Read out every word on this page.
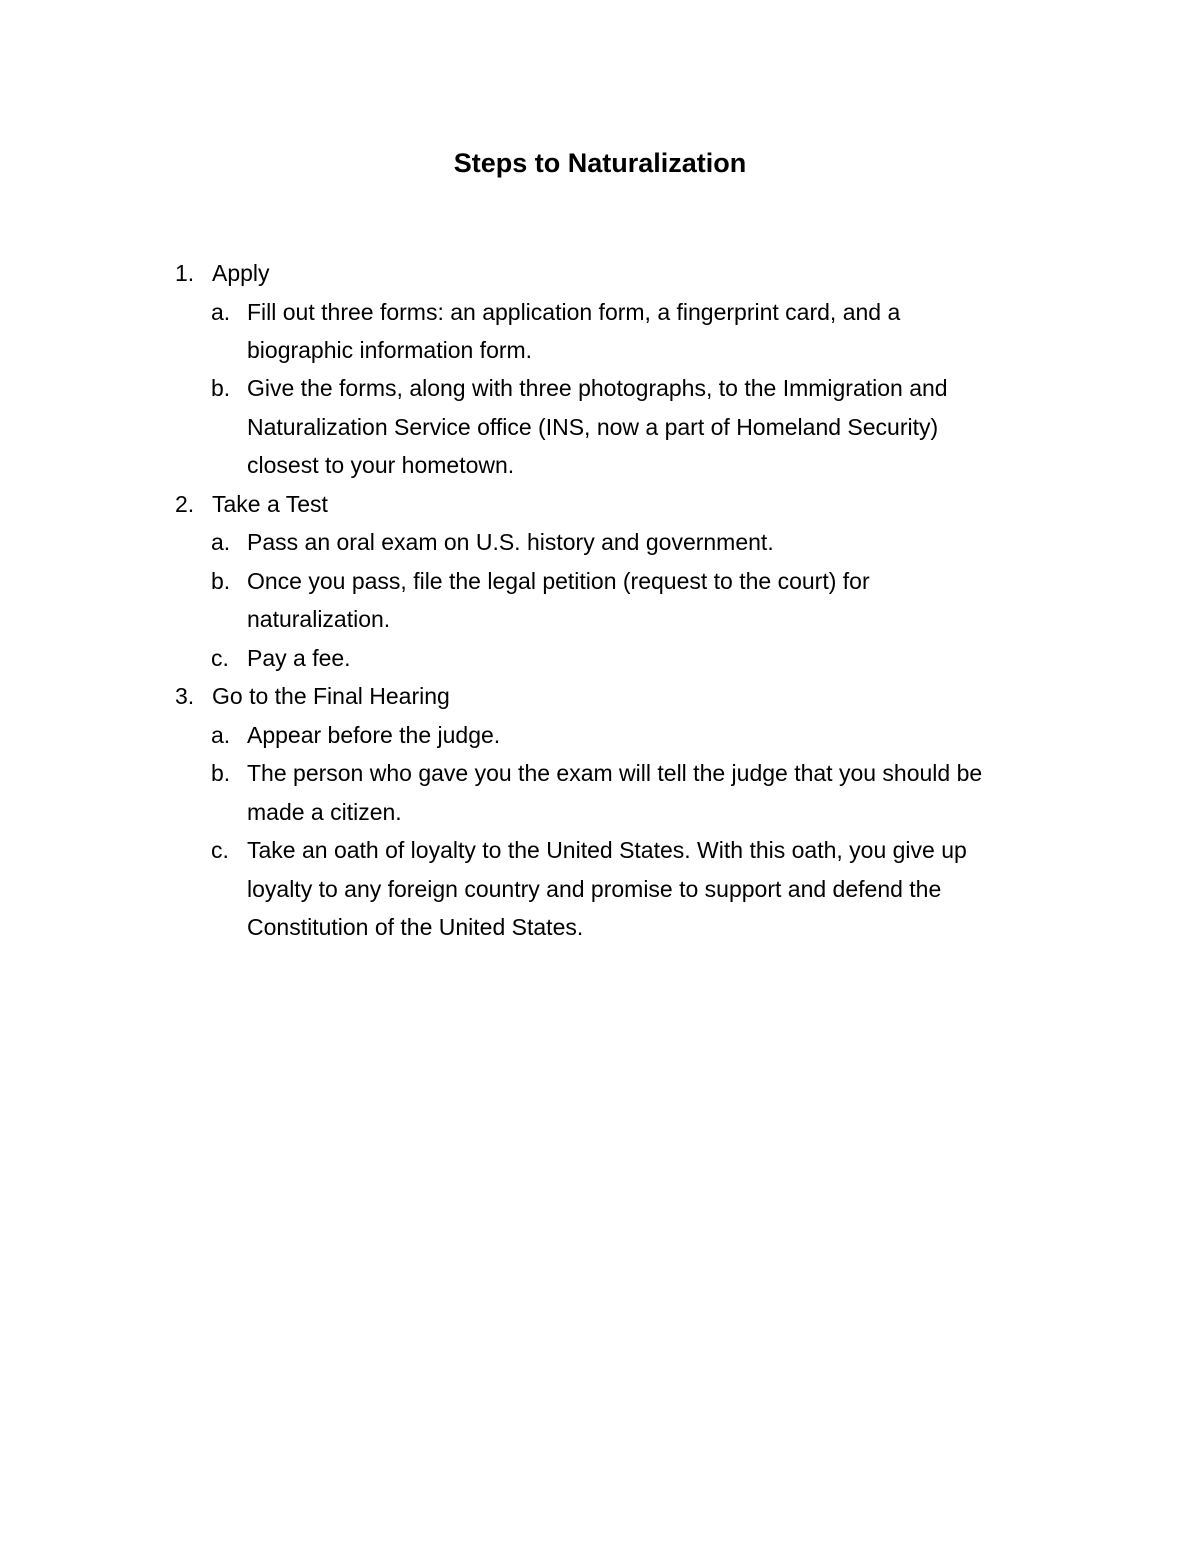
Steps to Naturalization
1. Apply
a. Fill out three forms: an application form, a fingerprint card, and a
biographic information form.
b. Give the forms, along with three photographs, to the Immigration and
Naturalization Service office (INS, now a part of Homeland Security)
closest to your hometown.
2. Take a Test
a. Pass an oral exam on U.S. history and government.
b. Once you pass, file the legal petition (request to the court) for
naturalization.
c. Pay a fee.
3. Go to the Final Hearing
a. Appear before the judge.
b. The person who gave you the exam will tell the judge that you should be
made a citizen.
c. Take an oath of loyalty to the United States. With this oath, you give up
loyalty to any foreign country and promise to support and defend the
Constitution of the United States.
